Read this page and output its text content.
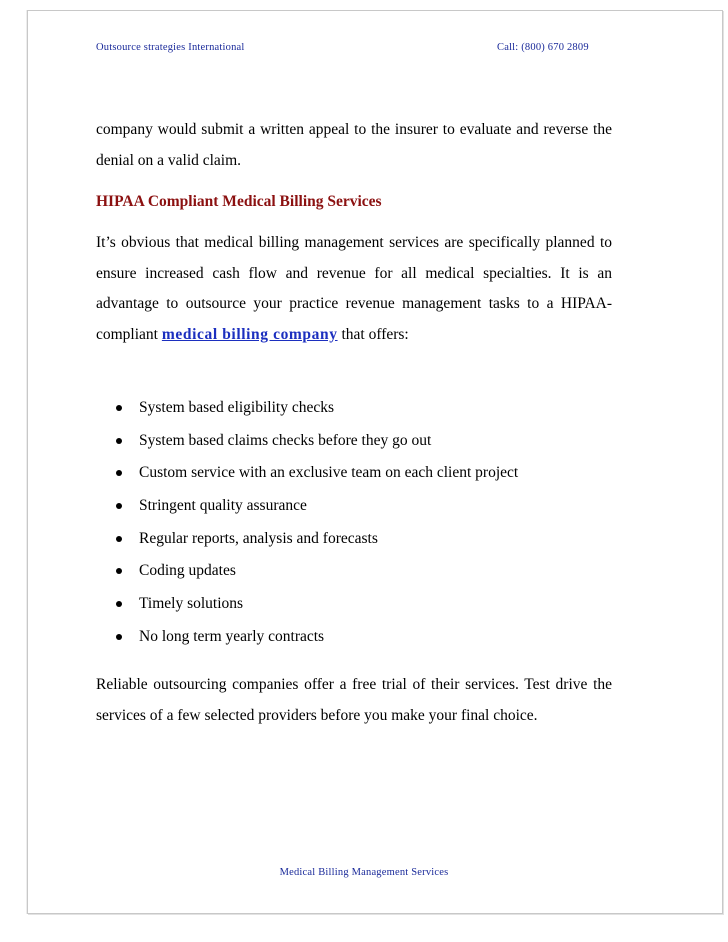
Outsource strategies International	Call: (800) 670 2809

company would submit a written appeal to the insurer to evaluate and reverse the denial on a valid claim.

HIPAA Compliant Medical Billing Services

It’s obvious that medical billing management services are specifically planned to ensure increased cash flow and revenue for all medical specialties. It is an advantage to outsource your practice revenue management tasks to a HIPAA-compliant medical billing company that offers:

System based eligibility checks
System based claims checks before they go out
Custom service with an exclusive team on each client project
Stringent quality assurance
Regular reports, analysis and forecasts
Coding updates
Timely solutions
No long term yearly contracts

Reliable outsourcing companies offer a free trial of their services. Test drive the services of a few selected providers before you make your final choice.

Medical Billing Management Services
